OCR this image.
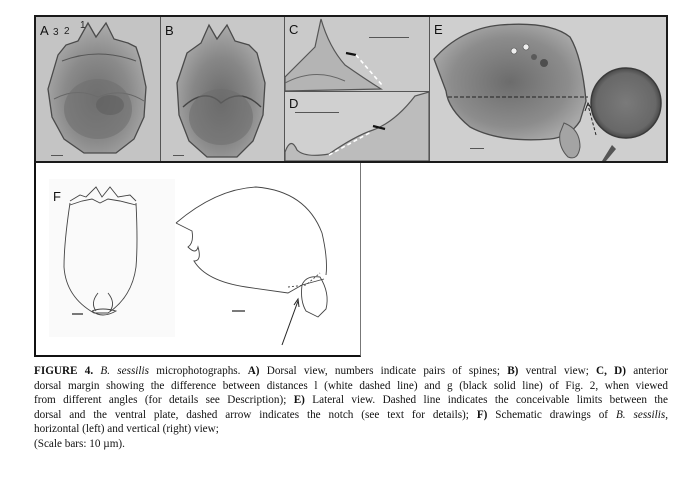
A 3 2
1	B	C
D
E
F
FIGURE 4. B. sessilis microphotographs. A) Dorsal view, numbers indicate pairs of spines; B) ventral view; C, D) anterior
dorsal margin showing the difference between distances l (white dashed line) and g (black solid line) of Fig. 2, when viewed
from different angles (for details see Description); E) Lateral view. Dashed line indicates the conceivable limits between the
dorsal and the ventral plate, dashed arrow indicates the notch (see text for details); F) Schematic drawings of B. sessilis,
horizontal (left) and vertical (right) view;
(Scale bars: 10 µm).
